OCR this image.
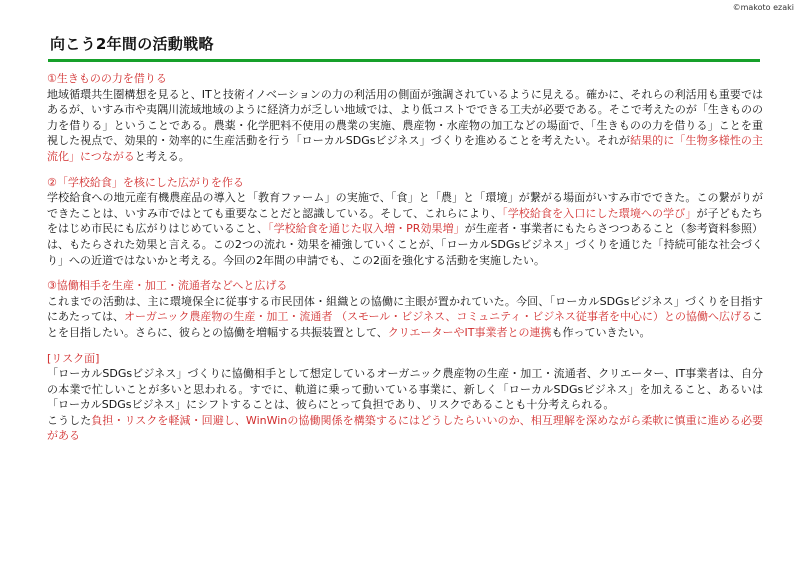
©makoto ezaki
向こう2年間の活動戦略

①生きものの力を借りる

地域循環共生圏構想を見ると、ITと技術イノベーションの力の利活用の側面が強調されているように見える。確かに、それらの利活用も重要ではあるが、いすみ市や夷隅川流域地域のように経済力が乏しい地域では、より低コストでできる工夫が必要である。そこで考えたのが「生きものの力を借りる」ということである。農薬・化学肥料不使用の農業の実施、農産物・水産物の加工などの場面で、「生きものの力を借りる」ことを重視した視点で、効果的・効率的に生産活動を行う「ローカルSDGsビジネス」づくりを進めることを考えたい。それが結果的に「生物多様性の主流化」につながると考える。

②「学校給食」を核にした広がりを作る

学校給食への地元産有機農産品の導入と「教育ファーム」の実施で、「食」と「農」と「環境」が繋がる場面がいすみ市でできた。この繋がりができたことは、いすみ市ではとても重要なことだと認識している。そして、これらにより、「学校給食を入口にした環境への学び」が子どもたちをはじめ市民にも広がりはじめていること、「学校給食を通じた収入増・PR効果増」が生産者・事業者にもたらさつつあること（参考資料参照）は、もたらされた効果と言える。この2つの流れ・効果を補強していくことが、「ローカルSDGsビジネス」づくりを通じた「持続可能な社会づくり」への近道ではないかと考える。今回の2年間の申請でも、この2面を強化する活動を実施したい。

③協働相手を生産・加工・流通者などへと広げる

これまでの活動は、主に環境保全に従事する市民団体・組織との協働に主眼が置かれていた。今回、「ローカルSDGsビジネス」づくりを目指すにあたっては、オーガニック農産物の生産・加工・流通者 （スモール・ビジネス、コミュニティ・ビジネス従事者を中心に）との協働へ広げることを目指したい。さらに、彼らとの協働を増幅する共振装置として、クリエーターやIT事業者との連携も作っていきたい。

[リスク面]

「ローカルSDGsビジネス」づくりに協働相手として想定しているオーガニック農産物の生産・加工・流通者、クリエーター、IT事業者は、自分の本業で忙しいことが多いと思われる。すでに、軌道に乗って動いている事業に、新しく「ローカルSDGsビジネス」を加えること、あるいは「ローカルSDGsビジネス」にシフトすることは、彼らにとって負担であり、リスクであることも十分考えられる。

こうした負担・リスクを軽減・回避し、WinWinの協働関係を構築するにはどうしたらいいのか、相互理解を深めながら柔軟に慎重に進める必要がある
